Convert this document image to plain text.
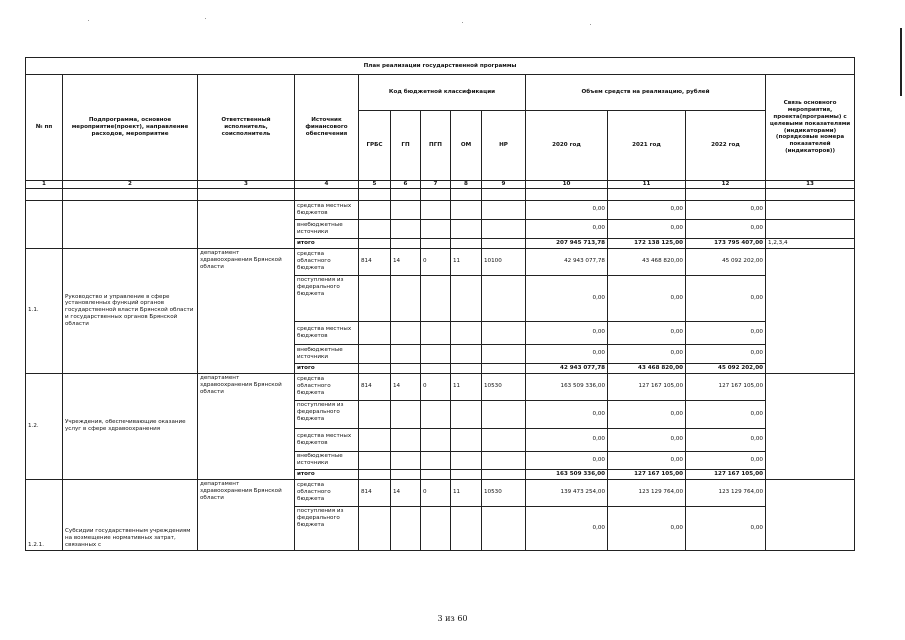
План реализации государственной программы												
№ пп	Подпрограмма, основное мероприятие(проект), направление расходов, мероприятие	Ответственный исполнитель, соисполнитель	Источник финансового обеспечения	Код бюджетной классификации					Объем средств на реализацию, рублей			Связь основного мероприятия, проекта(программы) с целевыми показателями (индикаторами) (порядковые номера показателей (индикаторов))
				ГРБС	ГП	ПГП	ОМ	НР	2020 год	2021 год	2022 год	
1	2	3	4	5	6	7	8	9	10	11	12	13

			средства местных бюджетов						0,00	0,00	0,00	
			внебюджетные источники						0,00	0,00	0,00	
			итого						207 945 713,78	172 138 125,00	173 795 407,00	1,2,3,4
1.1.	Руководство и управление в сфере установленных функций органов государственной власти Брянской области и государственных органов Брянской области	департамент здравоохранения Брянской области	средства областного бюджета	814	14	0	11	10100	42 943 077,78	43 468 820,00	45 092 202,00	
			поступления из федерального бюджета						0,00	0,00	0,00	
			средства местных бюджетов						0,00	0,00	0,00	
			внебюджетные источники						0,00	0,00	0,00	
			итого						42 943 077,78	43 468 820,00	45 092 202,00	
1.2.	Учреждения, обеспечивающие оказание услуг в сфере здравоохранения	департамент здравоохранения Брянской области	средства областного бюджета	814	14	0	11	10530	163 509 336,00	127 167 105,00	127 167 105,00	
			поступления из федерального бюджета						0,00	0,00	0,00	
			средства местных бюджетов						0,00	0,00	0,00	
			внебюджетные источники						0,00	0,00	0,00	
			итого						163 509 336,00	127 167 105,00	127 167 105,00	
1.2.1.	Субсидии государственным учреждениям на возмещение нормативных затрат, связанных с	департамент здравоохранения Брянской области	средства областного бюджета	814	14	0	11	10530	139 473 254,00	123 129 764,00	123 129 764,00	
			поступления из федерального бюджета						0,00	0,00	0,00	
3 из 60
